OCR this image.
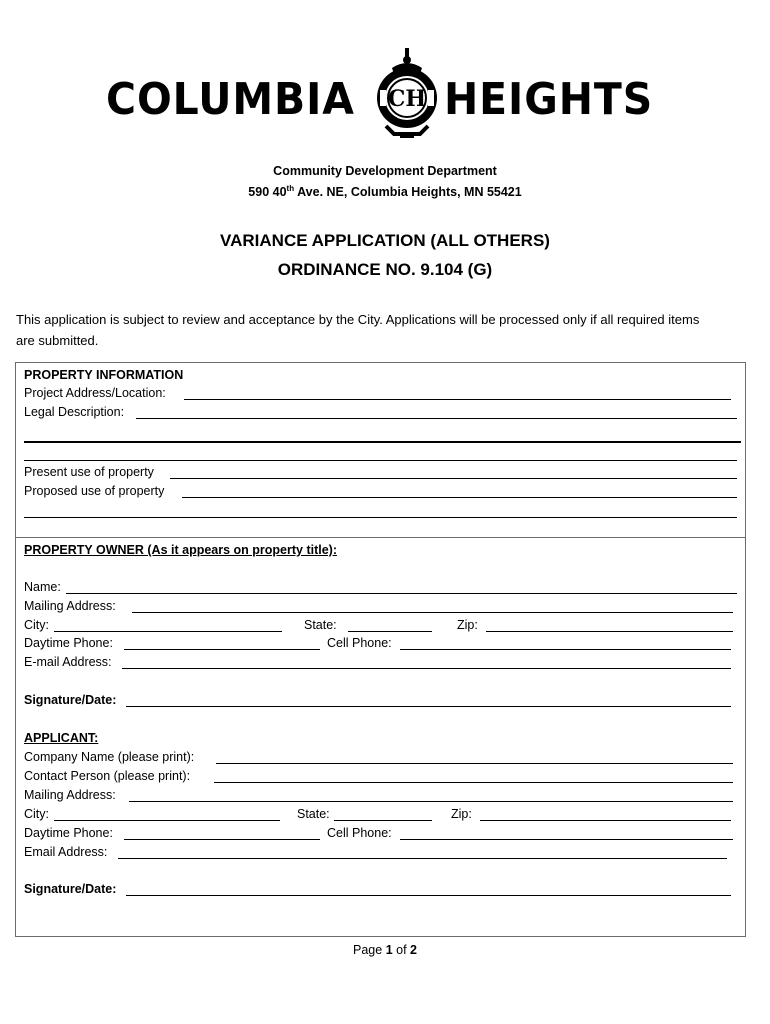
COLUMBIA CH HEIGHTS
Community Development Department
590 40th Ave. NE, Columbia Heights, MN 55421
VARIANCE APPLICATION (ALL OTHERS)
ORDINANCE NO. 9.104 (G)
This application is subject to review and acceptance by the City. Applications will be processed only if all required items are submitted.
PROPERTY INFORMATION
Project Address/Location:
Legal Description:
Present use of property
Proposed use of property
PROPERTY OWNER (As it appears on property title):
Name:
Mailing Address:
City:	State:	Zip:
Daytime Phone:	Cell Phone:
E-mail Address:
Signature/Date:
APPLICANT:
Company Name (please print):
Contact Person (please print):
Mailing Address:
City:	State:	Zip:
Daytime Phone:	Cell Phone:
Email Address:
Signature/Date:
Page 1 of 2
